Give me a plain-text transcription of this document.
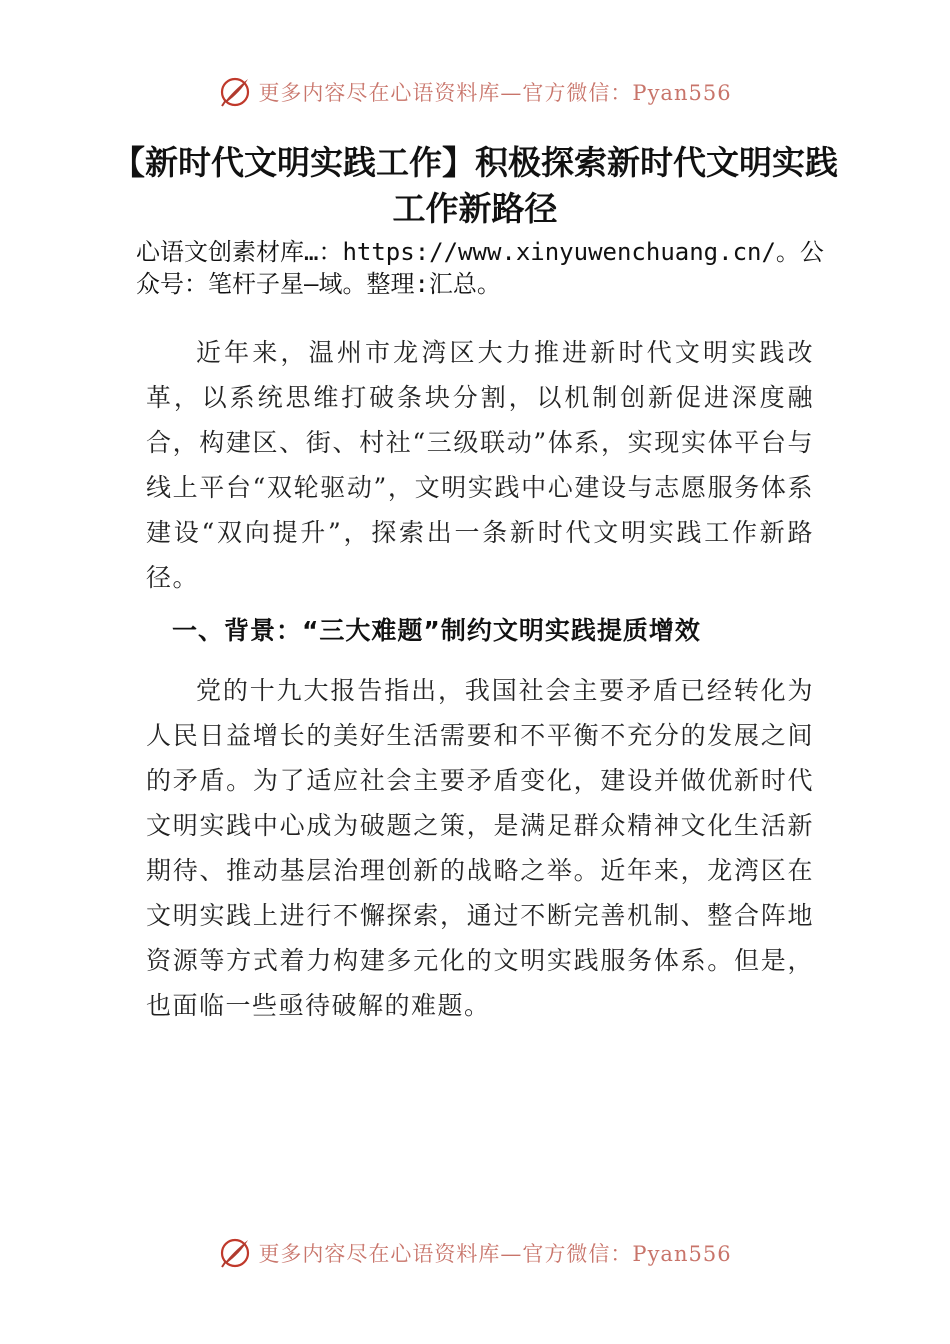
更多内容尽在心语资料库—官方微信：Pyan556
【新时代文明实践工作】积极探索新时代文明实践工作新路径
心语文创素材库…：https://www.xinyuwenchuang.cn/。公众号：笔杆子星—域。整理:汇总。
近年来，温州市龙湾区大力推进新时代文明实践改革，以系统思维打破条块分割，以机制创新促进深度融合，构建区、街、村社“三级联动”体系，实现实体平台与线上平台“双轮驱动”，文明实践中心建设与志愿服务体系建设“双向提升”，探索出一条新时代文明实践工作新路径。
一、背景：“三大难题”制约文明实践提质增效
党的十九大报告指出，我国社会主要矛盾已经转化为人民日益增长的美好生活需要和不平衡不充分的发展之间的矛盾。为了适应社会主要矛盾变化，建设并做优新时代文明实践中心成为破题之策，是满足群众精神文化生活新期待、推动基层治理创新的战略之举。近年来，龙湾区在文明实践上进行不懈探索，通过不断完善机制、整合阵地资源等方式着力构建多元化的文明实践服务体系。但是，也面临一些亟待破解的难题。
更多内容尽在心语资料库—官方微信：Pyan556
